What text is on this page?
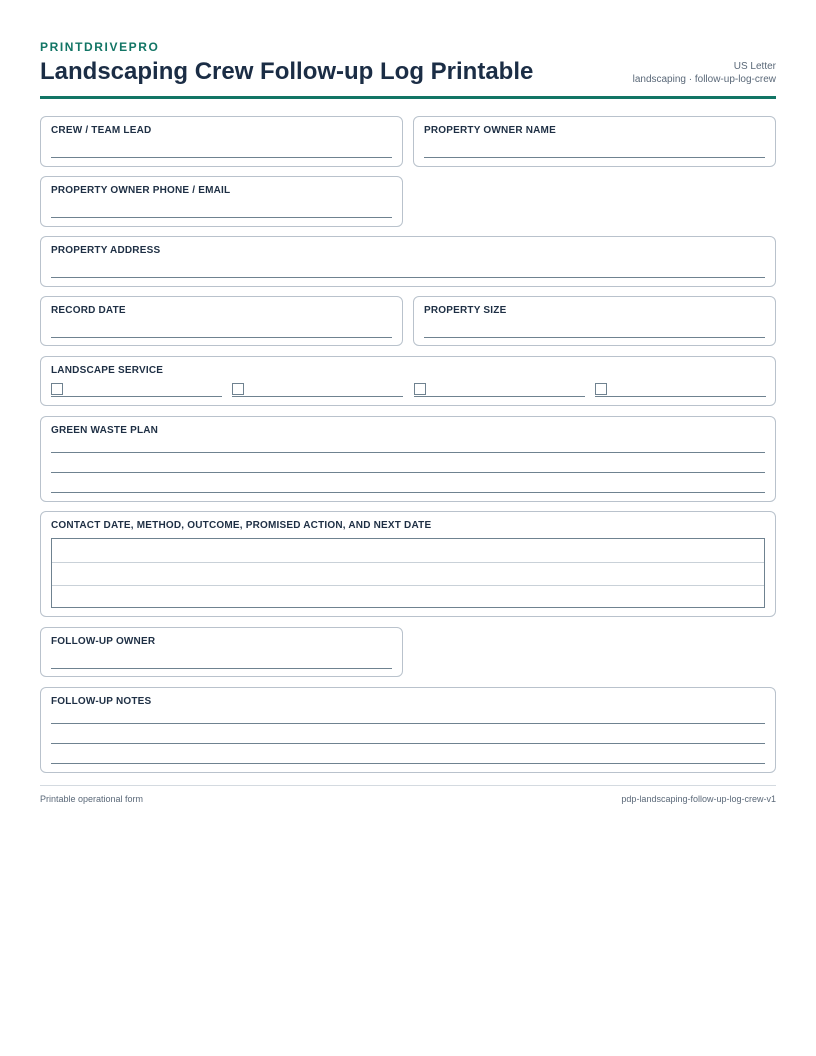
PRINTDRIVEPRO
Landscaping Crew Follow-up Log Printable	US Letter
landscaping · follow-up-log-crew
CREW / TEAM LEAD	PROPERTY OWNER NAME
PROPERTY OWNER PHONE / EMAIL
PROPERTY ADDRESS
RECORD DATE	PROPERTY SIZE
LANDSCAPE SERVICE
GREEN WASTE PLAN
CONTACT DATE, METHOD, OUTCOME, PROMISED ACTION, AND NEXT DATE
FOLLOW-UP OWNER
FOLLOW-UP NOTES
Printable operational form	pdp-landscaping-follow-up-log-crew-v1
